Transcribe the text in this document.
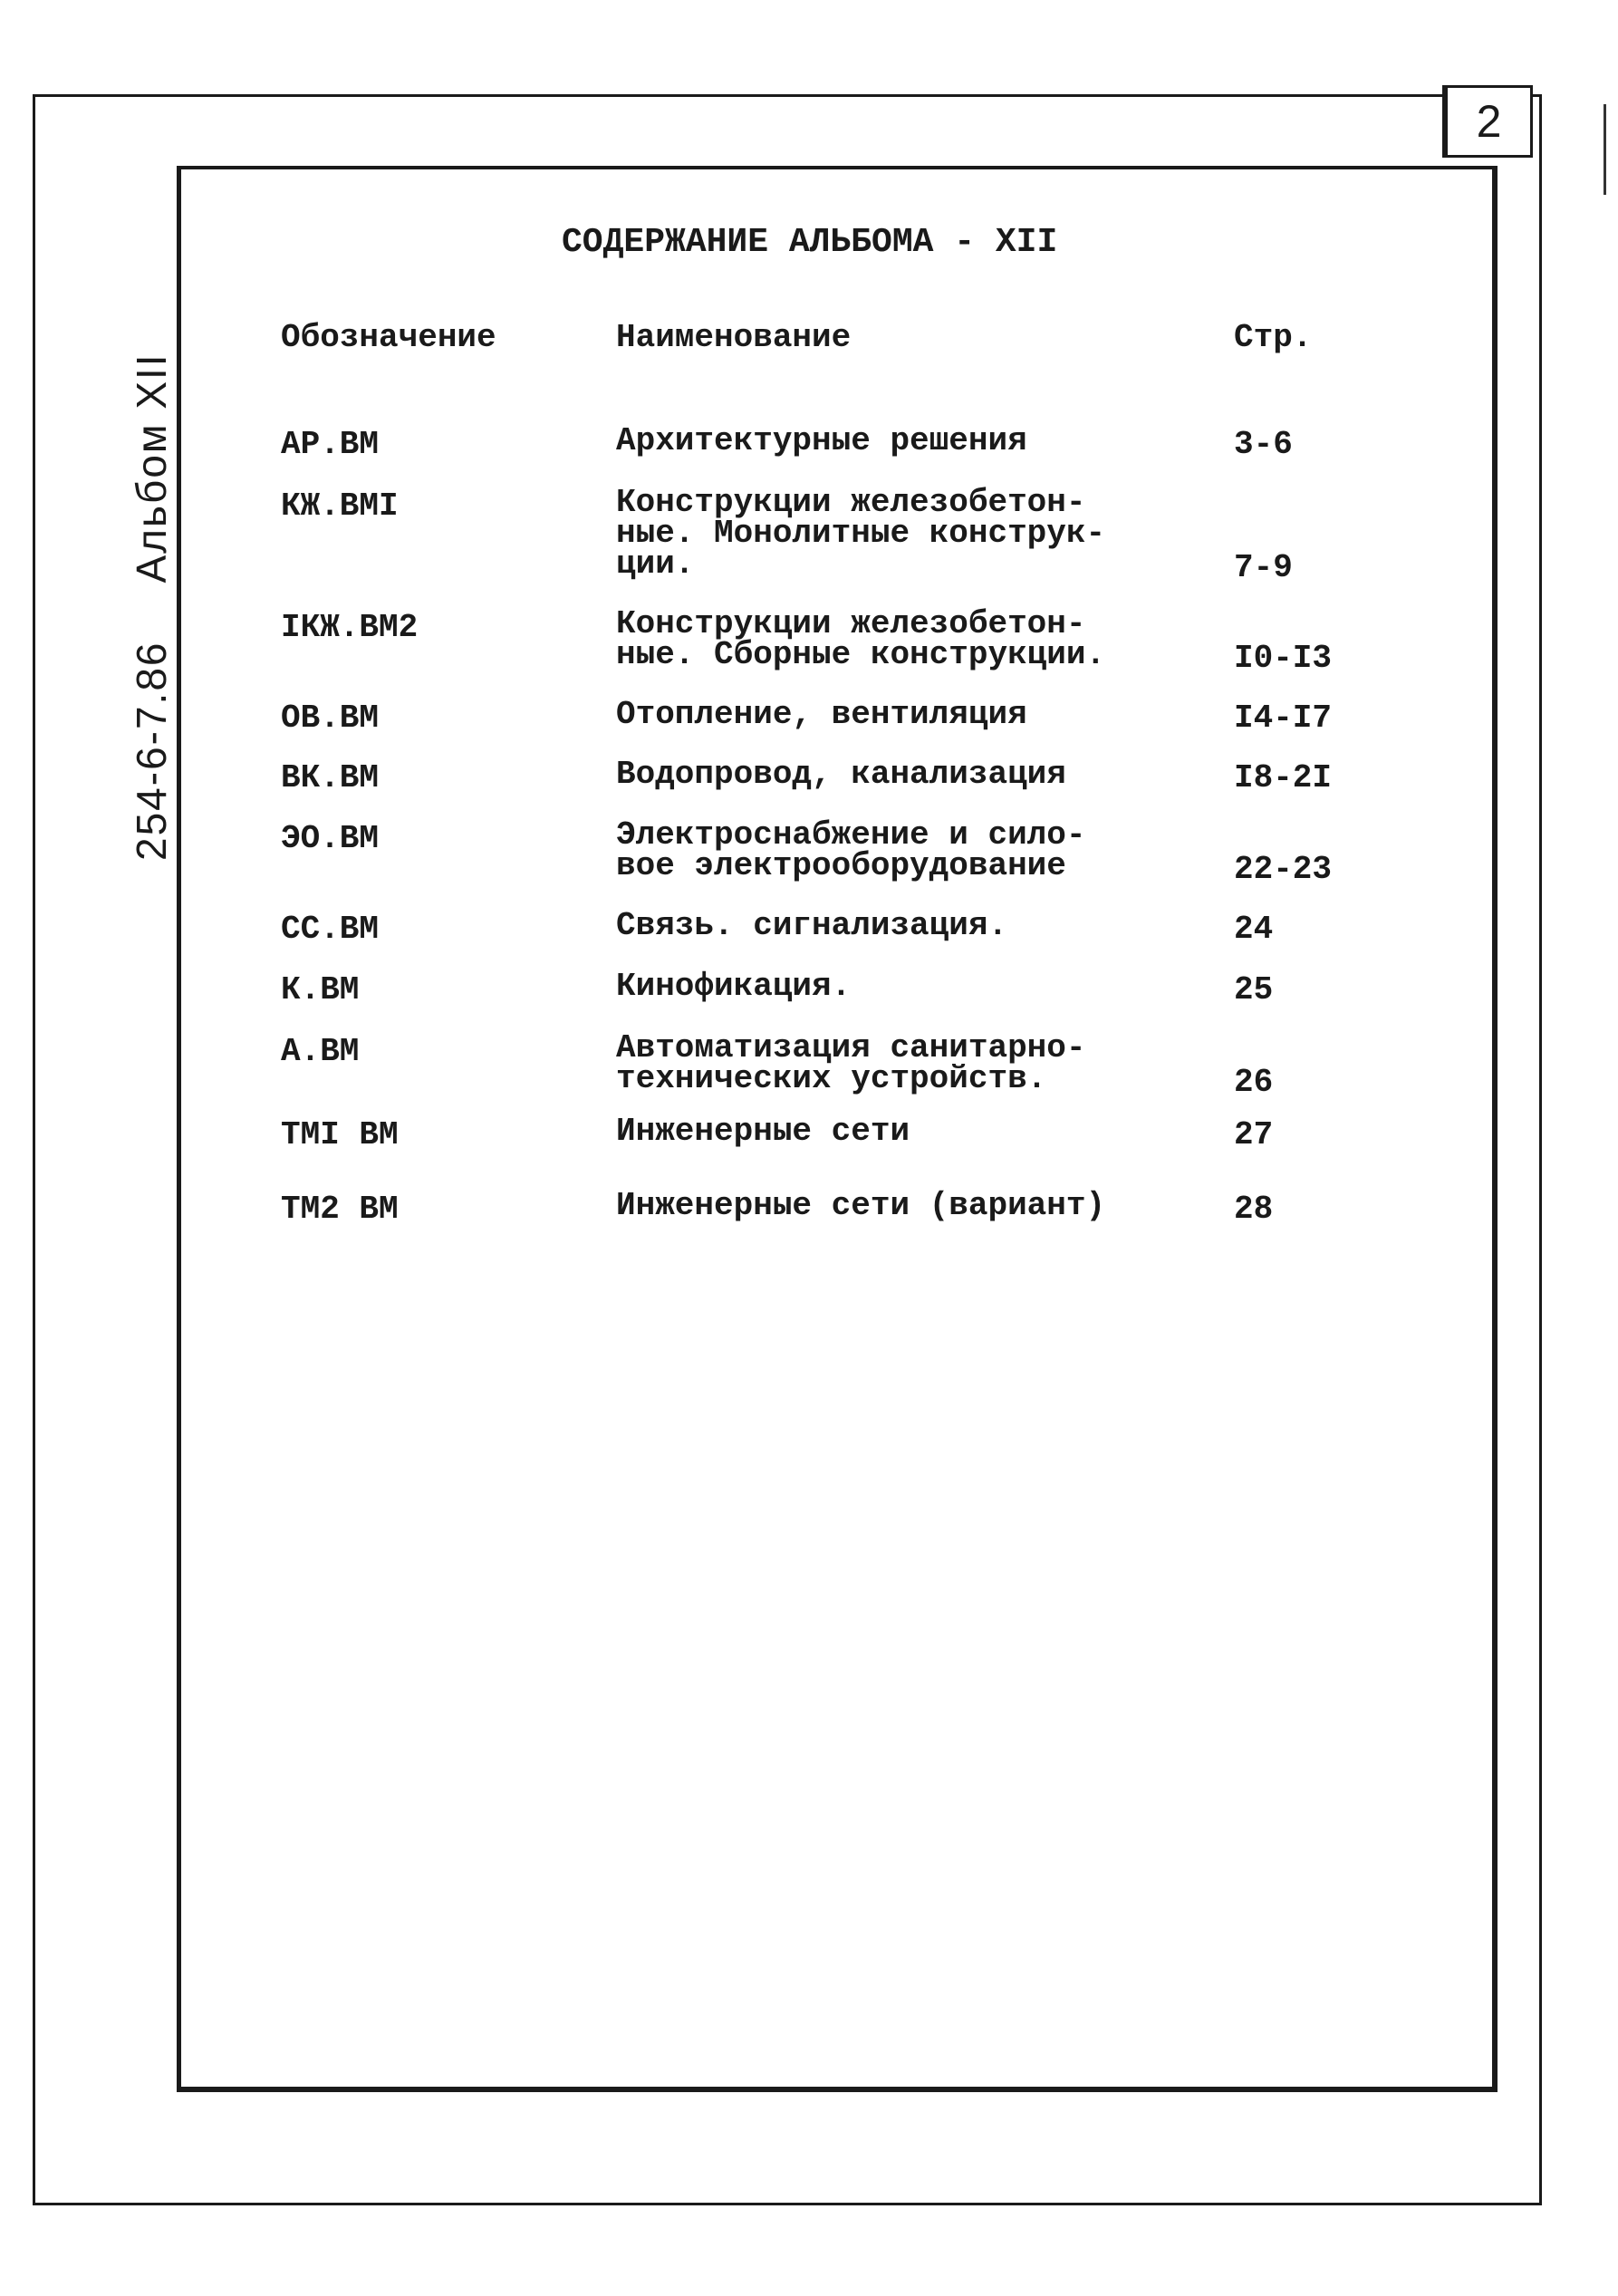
2
254-6-7.86Альбом XII
СОДЕРЖАНИЕ АЛЬБОМА - XII
Обозначение	Наименование	Стр.
АР.ВМ	Архитектурные решения	3-6
КЖ.ВМI	Конструкции железобетон-
ные. Монолитные конструк-
ции.	7-9
IКЖ.ВМ2	Конструкции железобетон-
ные. Сборные конструкции.	I0-I3
ОВ.ВМ	Отопление, вентиляция	I4-I7
ВК.ВМ	Водопровод, канализация	I8-2I
ЭО.ВМ	Электроснабжение и сило-
вое электрооборудование	22-23
СС.ВМ	Связь. сигнализация.	24
К.ВМ	Кинофикация.	25
А.ВМ	Автоматизация санитарно-
технических устройств.	26
ТМI ВМ	Инженерные сети	27
ТМ2 ВМ	Инженерные сети (вариант)	28
